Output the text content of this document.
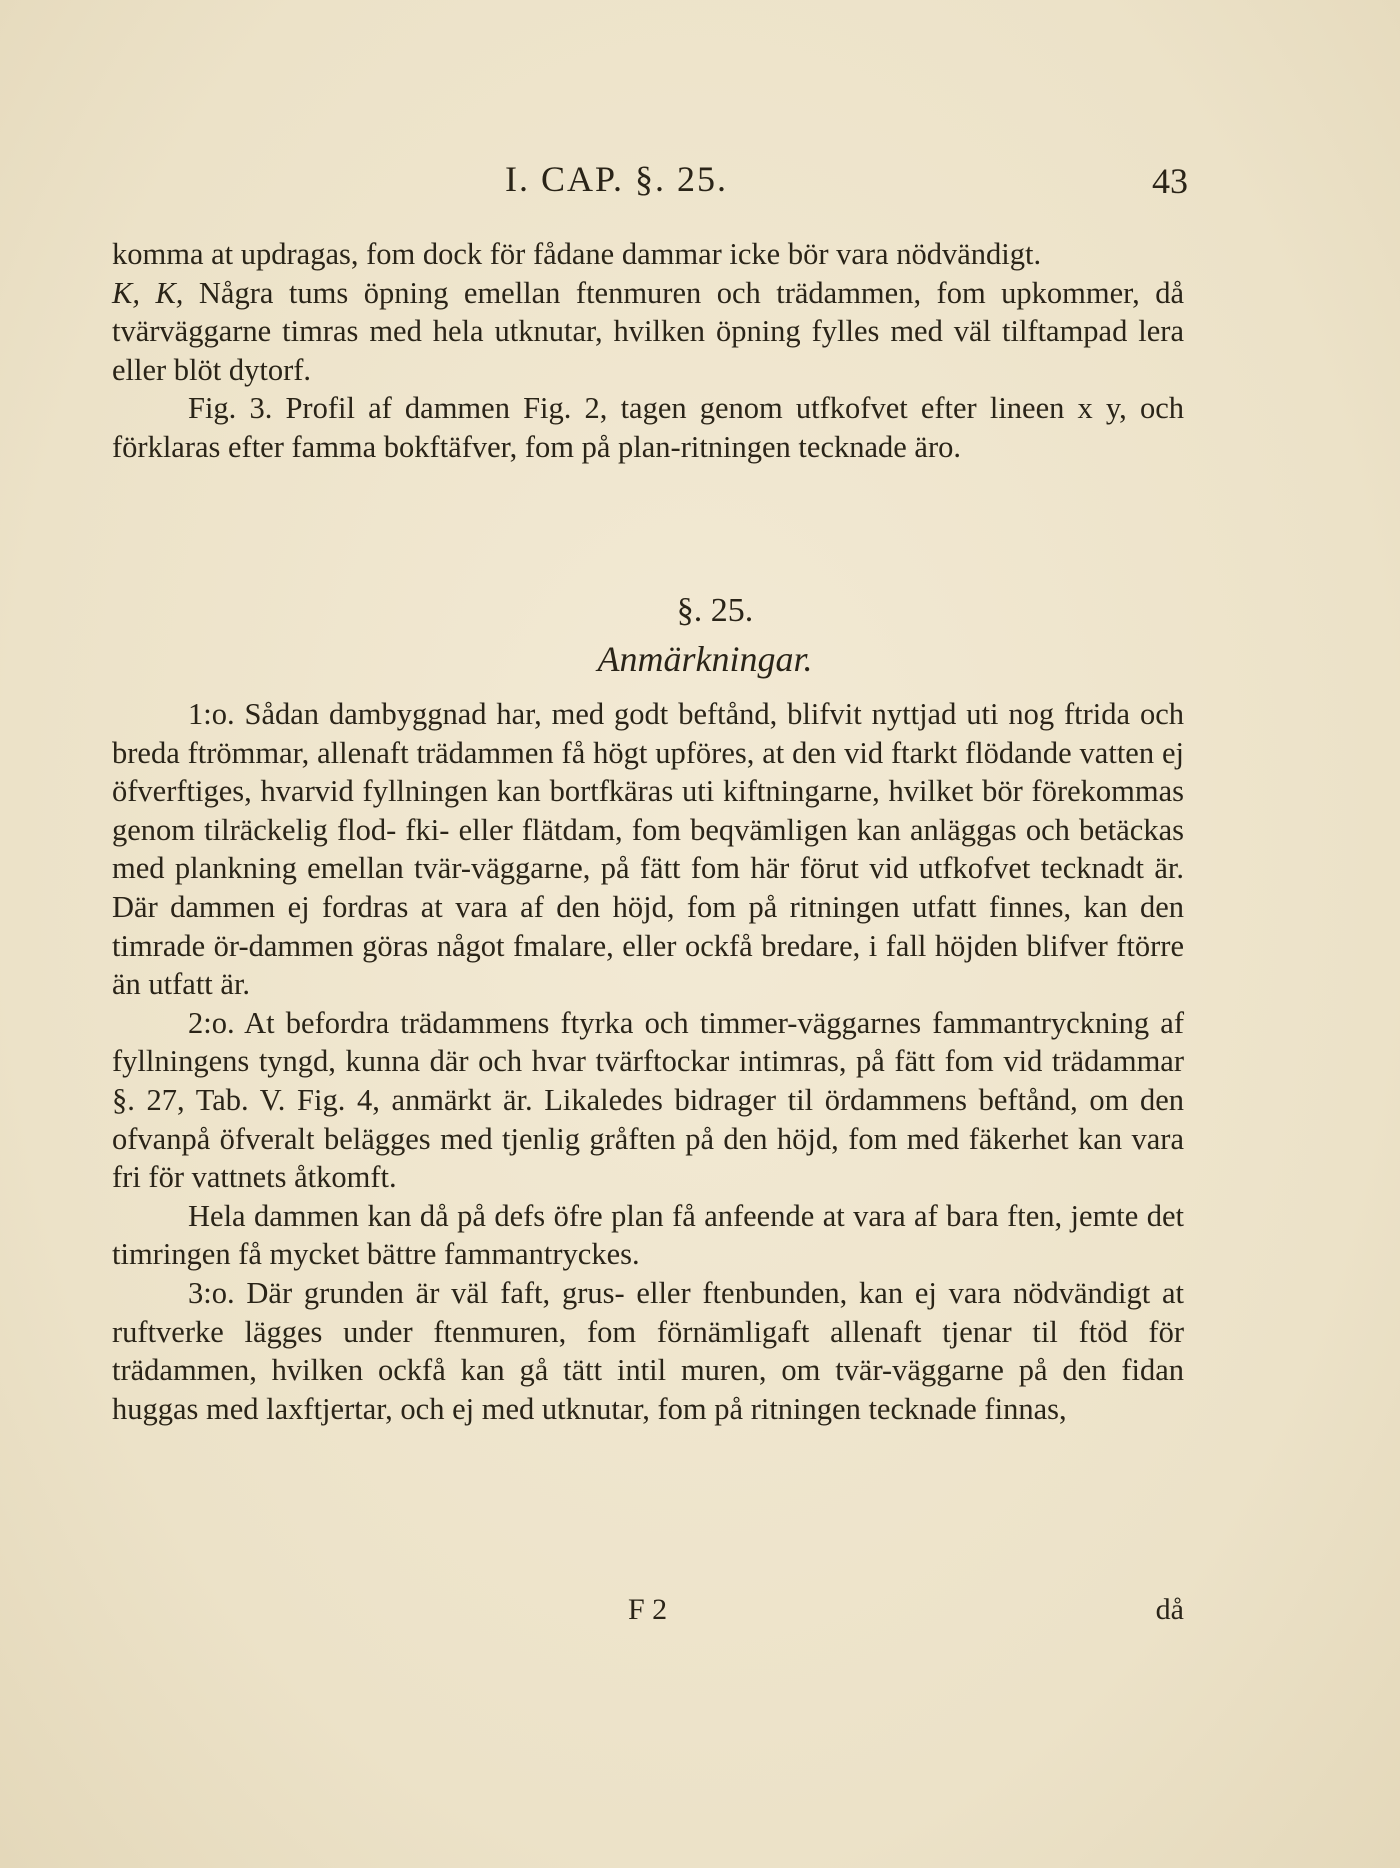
I. CAP. §. 25.	43

komma at updragas, fom dock för fådane dammar icke bör vara nödvändigt.

K, K, Några tums öpning emellan ftenmuren och trädammen, fom upkommer, då tvärväggarne timras med hela utknutar, hvilken öpning fylles med väl tilftampad lera eller blöt dytorf.

Fig. 3. Profil af dammen Fig. 2, tagen genom utfkofvet efter lineen x y, och förklaras efter famma bokftäfver, fom på plan-ritningen tecknade äro.

§. 25.
Anmärkningar.

1:o. Sådan dambyggnad har, med godt beftånd, blifvit nyttjad uti nog ftrida och breda ftrömmar, allenaft trädammen få högt upföres, at den vid ftarkt flödande vatten ej öfverftiges, hvarvid fyllningen kan bortfkäras uti kiftningarne, hvilket bör förekommas genom tilräckelig flod- fki- eller flätdam, fom beqvämligen kan anläggas och betäckas med plankning emellan tvär-väggarne, på fätt fom här förut vid utfkofvet tecknadt är. Där dammen ej fordras at vara af den höjd, fom på ritningen utfatt finnes, kan den timrade ör-dammen göras något fmalare, eller ockfå bredare, i fall höjden blifver ftörre än utfatt är.

2:o. At befordra trädammens ftyrka och timmer-väggarnes fammantryckning af fyllningens tyngd, kunna där och hvar tvärftockar intimras, på fätt fom vid trädammar §. 27, Tab. V. Fig. 4, anmärkt är. Likaledes bidrager til ördammens beftånd, om den ofvanpå öfveralt belägges med tjenlig gråften på den höjd, fom med fäkerhet kan vara fri för vattnets åtkomft.

Hela dammen kan då på defs öfre plan få anfeende at vara af bara ften, jemte det timringen få mycket bättre fammantryckes.

3:o. Där grunden är väl faft, grus- eller ftenbunden, kan ej vara nödvändigt at ruftverke lägges under ftenmuren, fom förnämligaft allenaft tjenar til ftöd för trädammen, hvilken ockfå kan gå tätt intil muren, om tvär-väggarne på den fidan huggas med laxftjertar, och ej med utknutar, fom på ritningen tecknade finnas,

F 2	då
